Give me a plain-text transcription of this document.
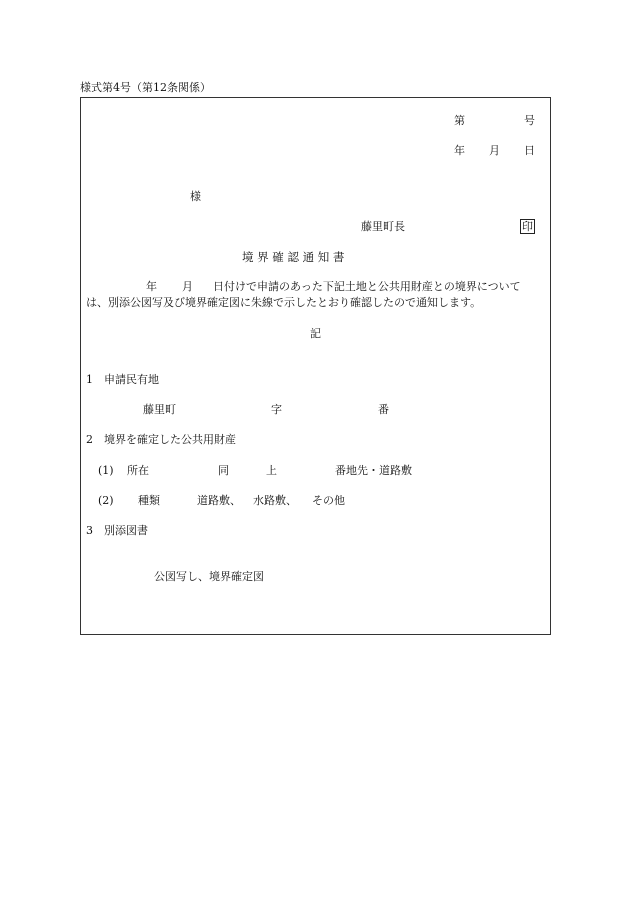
様式第4号（第12条関係）
第	号
年 月 日
様
藤里町長	印
境 界 確 認 通 知 書
年 月 日付けで申請のあった下記土地と公共用財産との境界について
は、別添公図写及び境界確定図に朱線で示したとおり確認したので通知します。
記
1　申請民有地
藤里町	字	番
2　境界を確定した公共用財産
(1) 所在	同	上	番地先・道路敷
(2) 種類	道路敷、 水路敷、 その他
3　別添図書
公図写し、境界確定図
